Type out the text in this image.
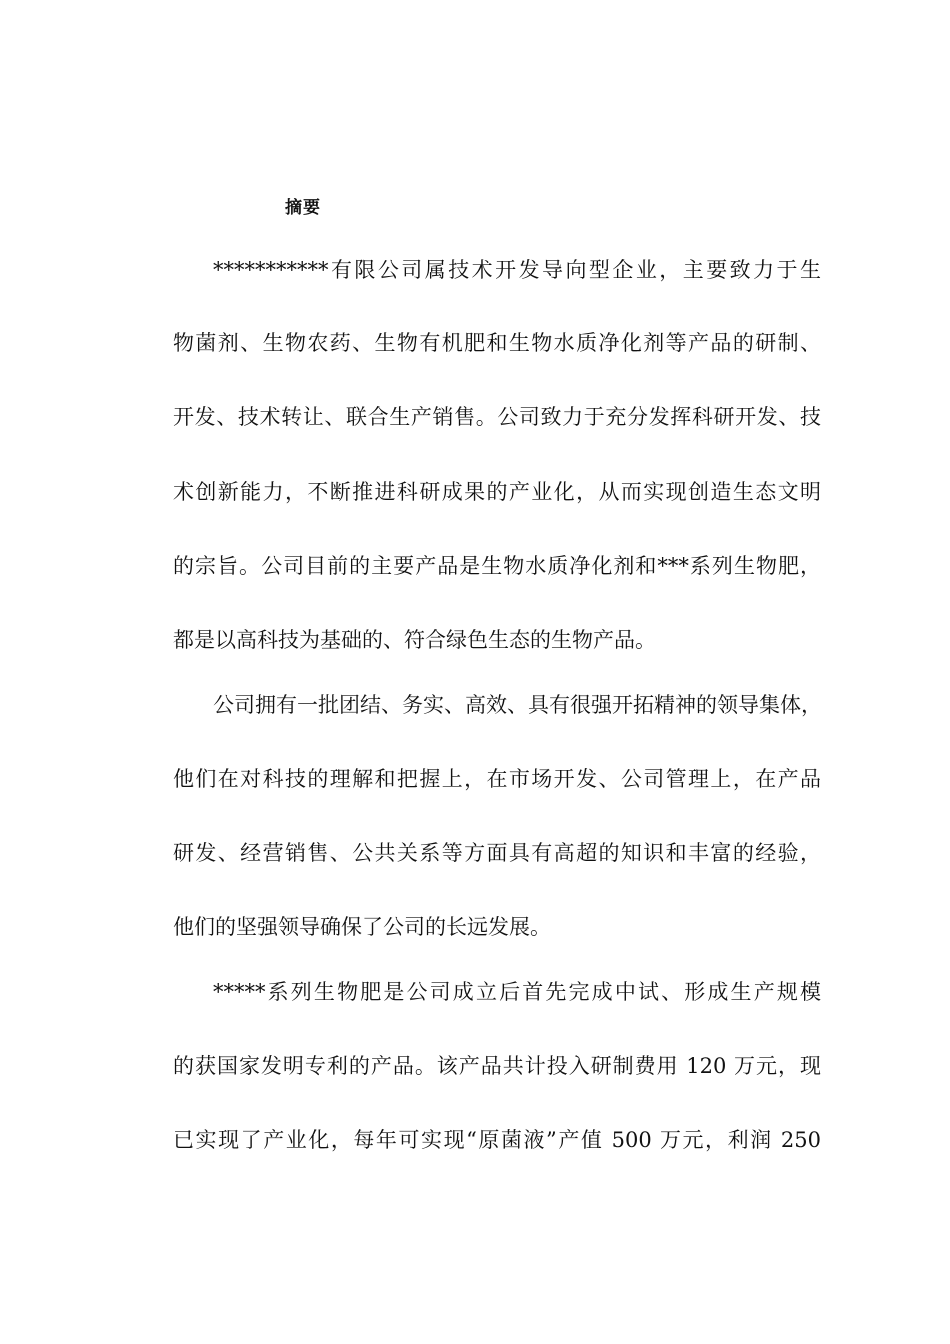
摘要
***********有限公司属技术开发导向型企业，主要致力于生
物菌剂、生物农药、生物有机肥和生物水质净化剂等产品的研制、
开发、技术转让、联合生产销售。公司致力于充分发挥科研开发、技
术创新能力，不断推进科研成果的产业化，从而实现创造生态文明
的宗旨。公司目前的主要产品是生物水质净化剂和***系列生物肥，
都是以高科技为基础的、符合绿色生态的生物产品。
公司拥有一批团结、务实、高效、具有很强开拓精神的领导集体，
他们在对科技的理解和把握上，在市场开发、公司管理上，在产品
研发、经营销售、公共关系等方面具有高超的知识和丰富的经验，
他们的坚强领导确保了公司的长远发展。
*****系列生物肥是公司成立后首先完成中试、形成生产规模
的获国家发明专利的产品。该产品共计投入研制费用 120 万元，现
已实现了产业化，每年可实现“原菌液”产值 500 万元，利润 250
